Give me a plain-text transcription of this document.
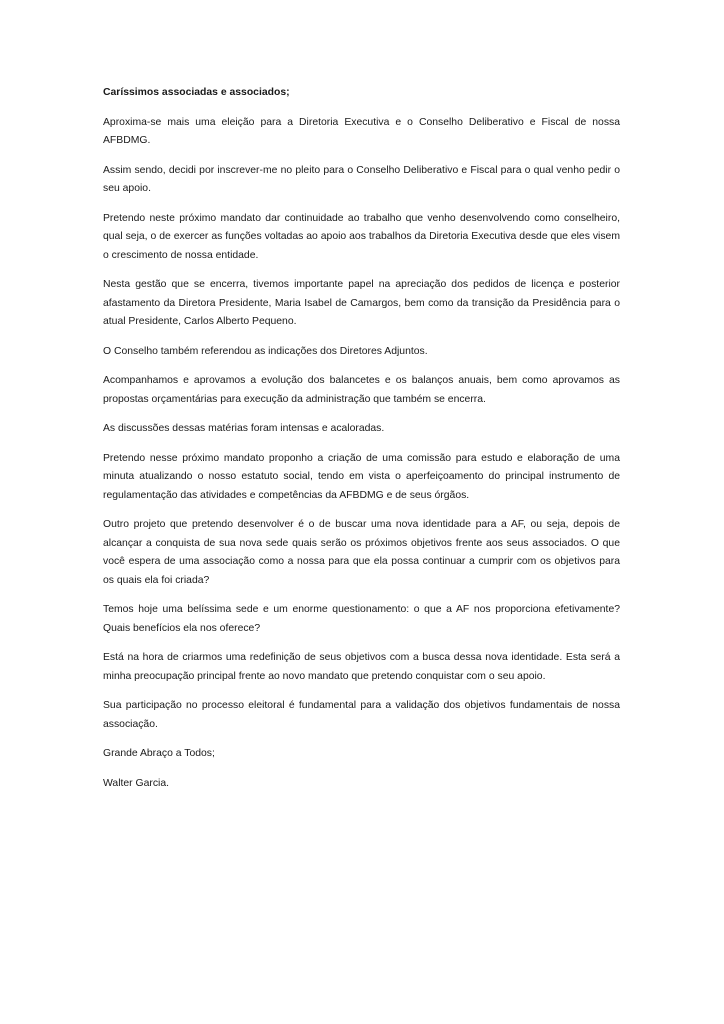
Caríssimos associadas e associados;

Aproxima-se mais uma eleição para a Diretoria Executiva e o Conselho Deliberativo e Fiscal de nossa AFBDMG.

Assim sendo, decidi por inscrever-me no pleito para o Conselho Deliberativo e Fiscal para o qual venho pedir o seu apoio.

Pretendo neste próximo mandato dar continuidade ao trabalho que venho desenvolvendo como conselheiro, qual seja, o de exercer as funções voltadas ao apoio aos trabalhos da Diretoria Executiva desde que eles visem o crescimento de nossa entidade.

Nesta gestão que se encerra, tivemos importante papel na apreciação dos pedidos de licença e posterior afastamento da Diretora Presidente, Maria Isabel de Camargos, bem como da transição da Presidência para o atual Presidente, Carlos Alberto Pequeno.

O Conselho também referendou as indicações dos Diretores Adjuntos.

Acompanhamos e aprovamos a evolução dos balancetes e os balanços anuais, bem como aprovamos as propostas orçamentárias para execução da administração que também se encerra.

As discussões dessas matérias foram intensas e acaloradas.

Pretendo nesse próximo mandato proponho a criação de uma comissão para estudo e elaboração de uma minuta atualizando o nosso estatuto social, tendo em vista o aperfeiçoamento do principal instrumento de regulamentação das atividades e competências da AFBDMG e de seus órgãos.

Outro projeto que pretendo desenvolver é o de buscar uma nova identidade para a AF, ou seja, depois de alcançar a conquista de sua nova sede quais serão os próximos objetivos frente aos seus associados. O que você espera de uma associação como a nossa para que ela possa continuar a cumprir com os objetivos para os quais ela foi criada?

Temos hoje uma belíssima sede e um enorme questionamento: o que a AF nos proporciona efetivamente? Quais benefícios ela nos oferece?

Está na hora de criarmos uma redefinição de seus objetivos com a busca dessa nova identidade. Esta será a minha preocupação principal frente ao novo mandato que pretendo conquistar com o seu apoio.

Sua participação no processo eleitoral é fundamental para a validação dos objetivos fundamentais de nossa associação.

Grande Abraço a Todos;

Walter Garcia.
